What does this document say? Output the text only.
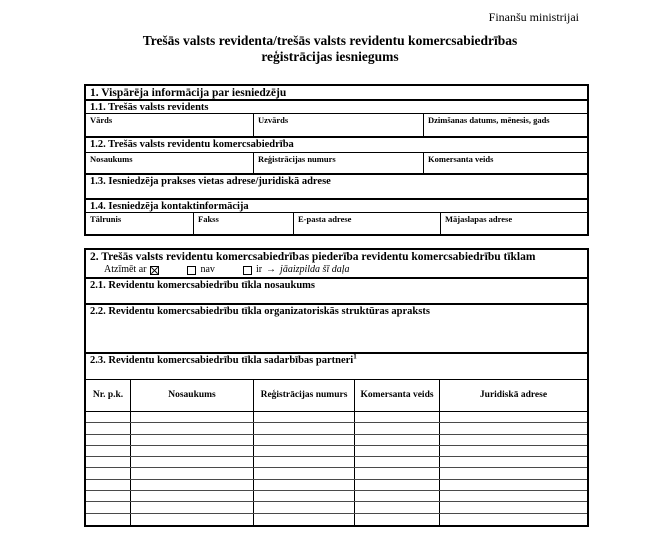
Finanšu ministrijai
Trešās valsts revidenta/trešās valsts revidentu komercsabiedrības
reģistrācijas iesniegums
1. Vispārēja informācija par iesniedzēju
1.1. Trešās valsts revidents
Vārds	Uzvārds	Dzimšanas datums, mēnesis, gads
1.2. Trešās valsts revidentu komercsabiedrība
Nosaukums	Reģistrācijas numurs	Komersanta veids
1.3. Iesniedzēja prakses vietas adrese/juridiskā adrese
1.4. Iesniedzēja kontaktinformācija
Tālrunis	Fakss	E-pasta adrese	Mājaslapas adrese
2. Trešās valsts revidentu komercsabiedrības piederība revidentu komercsabiedrību tīklam
Atzīmēt ar	nav	ir → jāaizpilda šī daļa
2.1. Revidentu komercsabiedrību tīkla nosaukums
2.2. Revidentu komercsabiedrību tīkla organizatoriskās struktūras apraksts
2.3. Revidentu komercsabiedrību tīkla sadarbības partneri$^1$
Nr. p.k.	Nosaukums	Reģistrācijas numurs	Komersanta veids	Juridiskā adrese
